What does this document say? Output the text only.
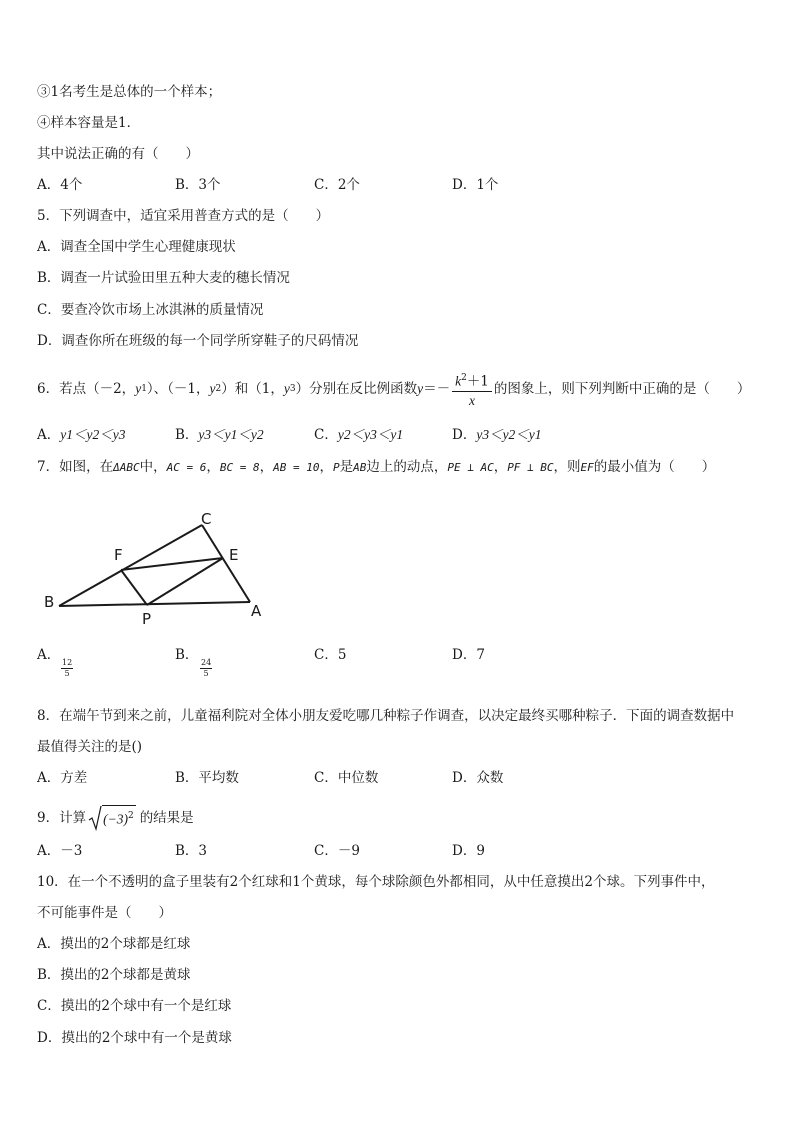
③1名考生是总体的一个样本；
④样本容量是1．
其中说法正确的有（　　）
A．4个	B．3个	C．2个	D．1个
5．下列调查中，适宜采用普查方式的是（　　）
A．调查全国中学生心理健康现状
B．调查一片试验田里五种大麦的穗长情况
C．要查冷饮市场上冰淇淋的质量情况
D．调查你所在班级的每一个同学所穿鞋子的尺码情况
6．若点（－2， y 1 ）、（－1， y 2 ）和（1， y 3 ）分别在反比例函数 $y =- \frac{k^2+1}{x}$ 的图象上，则下列判断中正确的是（　　）
A．y1＜y2＜y3	B．y3＜y1＜y2	C．y2＜y3＜y1	D．y3＜y2＜y1
7．如图，在ΔABC中，AC = 6，BC = 8，AB = 10，P是AB边上的动点，PE ⊥ AC，PF ⊥ BC，则EF的最小值为（　　）
C
F	E
B
P	A
A． 12
5
B． 24
5
C．5	D．7
8．在端午节到来之前，儿童福利院对全体小朋友爱吃哪几种粽子作调查，以决定最终买哪种粽子．下面的调查数据中
最值得关注的是()
A．方差	B．平均数	C．中位数	D．众数
9．计算 $(-3)^2$ 的结果是
A．－3	B．3	C．－9	D．9
10．在一个不透明的盒子里装有2个红球和1个黄球，每个球除颜色外都相同，从中任意摸出2个球。下列事件中，
不可能事件是（　　）
A．摸出的2个球都是红球
B．摸出的2个球都是黄球
C．摸出的2个球中有一个是红球
D．摸出的2个球中有一个是黄球
